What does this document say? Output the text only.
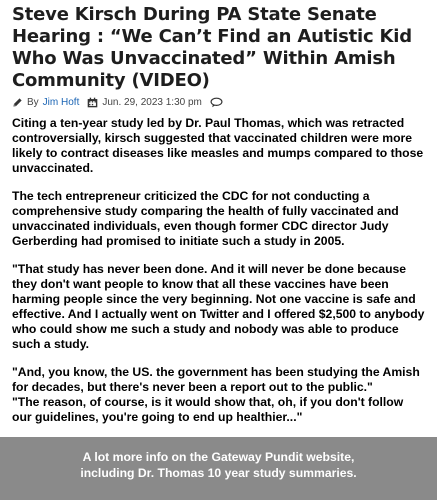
Steve Kirsch During PA State Senate Hearing : “We Can’t Find an Autistic Kid Who Was Unvaccinated” Within Amish Community (VIDEO)
By Jim Hoft Jun. 29, 2023 1:30 pm

Citing a ten-year study led by Dr. Paul Thomas, which was retracted controversially, kirsch suggested that vaccinated children were more likely to contract diseases like measles and mumps compared to those unvaccinated.

The tech entrepreneur criticized the CDC for not conducting a comprehensive study comparing the health of fully vaccinated and unvaccinated individuals, even though former CDC director Judy Gerberding had promised to initiate such a study in 2005.

"That study has never been done. And it will never be done because they don't want people to know that all these vaccines have been harming people since the very beginning. Not one vaccine is safe and effective. And I actually went on Twitter and I offered $2,500 to anybody who could show me such a study and nobody was able to produce such a study.

"And, you know, the US. the government has been studying the Amish for decades, but there's never been a report out to the public."
"The reason, of course, is it would show that, oh, if you don't follow our guidelines, you're going to end up healthier..."

A lot more info on the Gateway Pundit website, including Dr. Thomas 10 year study summaries.
